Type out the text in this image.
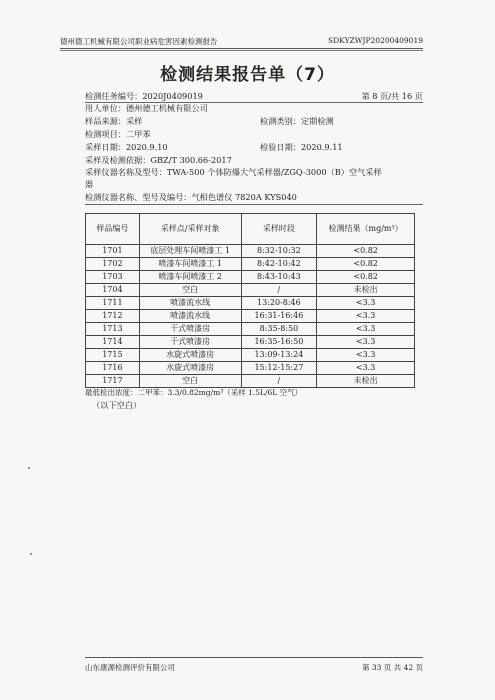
德州德工机械有限公司职业病危害因素检测报告	SDKYZWJP20200409019
检测结果报告单（7）
检测任务编号：2020J0409019	第 8 页/共 16 页
用人单位：德州德工机械有限公司
样品来源：采样	检测类别：定期检测
检测项目：二甲苯
采样日期：2020.9.10	检验日期：2020.9.11
采样及检测依据：GBZ/T 300.66-2017
采样仪器名称及型号：TWA-500 个体防爆大气采样器/ZGQ-3000（B）空气采样
器
检测仪器名称、型号及编号：气相色谱仪 7820A KYS040
样品编号	采样点/采样对象	采样时段	检测结果（mg/m³）
1701	底层处理车间喷漆工 1	8:32-10:32	<0.82
1702	喷漆车间喷漆工 1	8:42-10:42	<0.82
1703	喷漆车间喷漆工 2	8:43-10:43	<0.82
1704	空白	/	未检出
1711	喷漆流水线	13:20-8:46	<3.3
1712	喷漆流水线	16:31-16:46	<3.3
1713	干式喷漆房	8:35-8:50	<3.3
1714	干式喷漆房	16:35-16:50	<3.3
1715	水旋式喷漆房	13:09-13:24	<3.3
1716	水旋式喷漆房	15:12-15:27	<3.3
1717	空白	/	未检出
最低检出浓度：二甲苯：3.3/0.82mg/m³（采样 1.5L/6L 空气）
（以下空白）
山东康源检测评价有限公司	第 33 页 共 42 页
